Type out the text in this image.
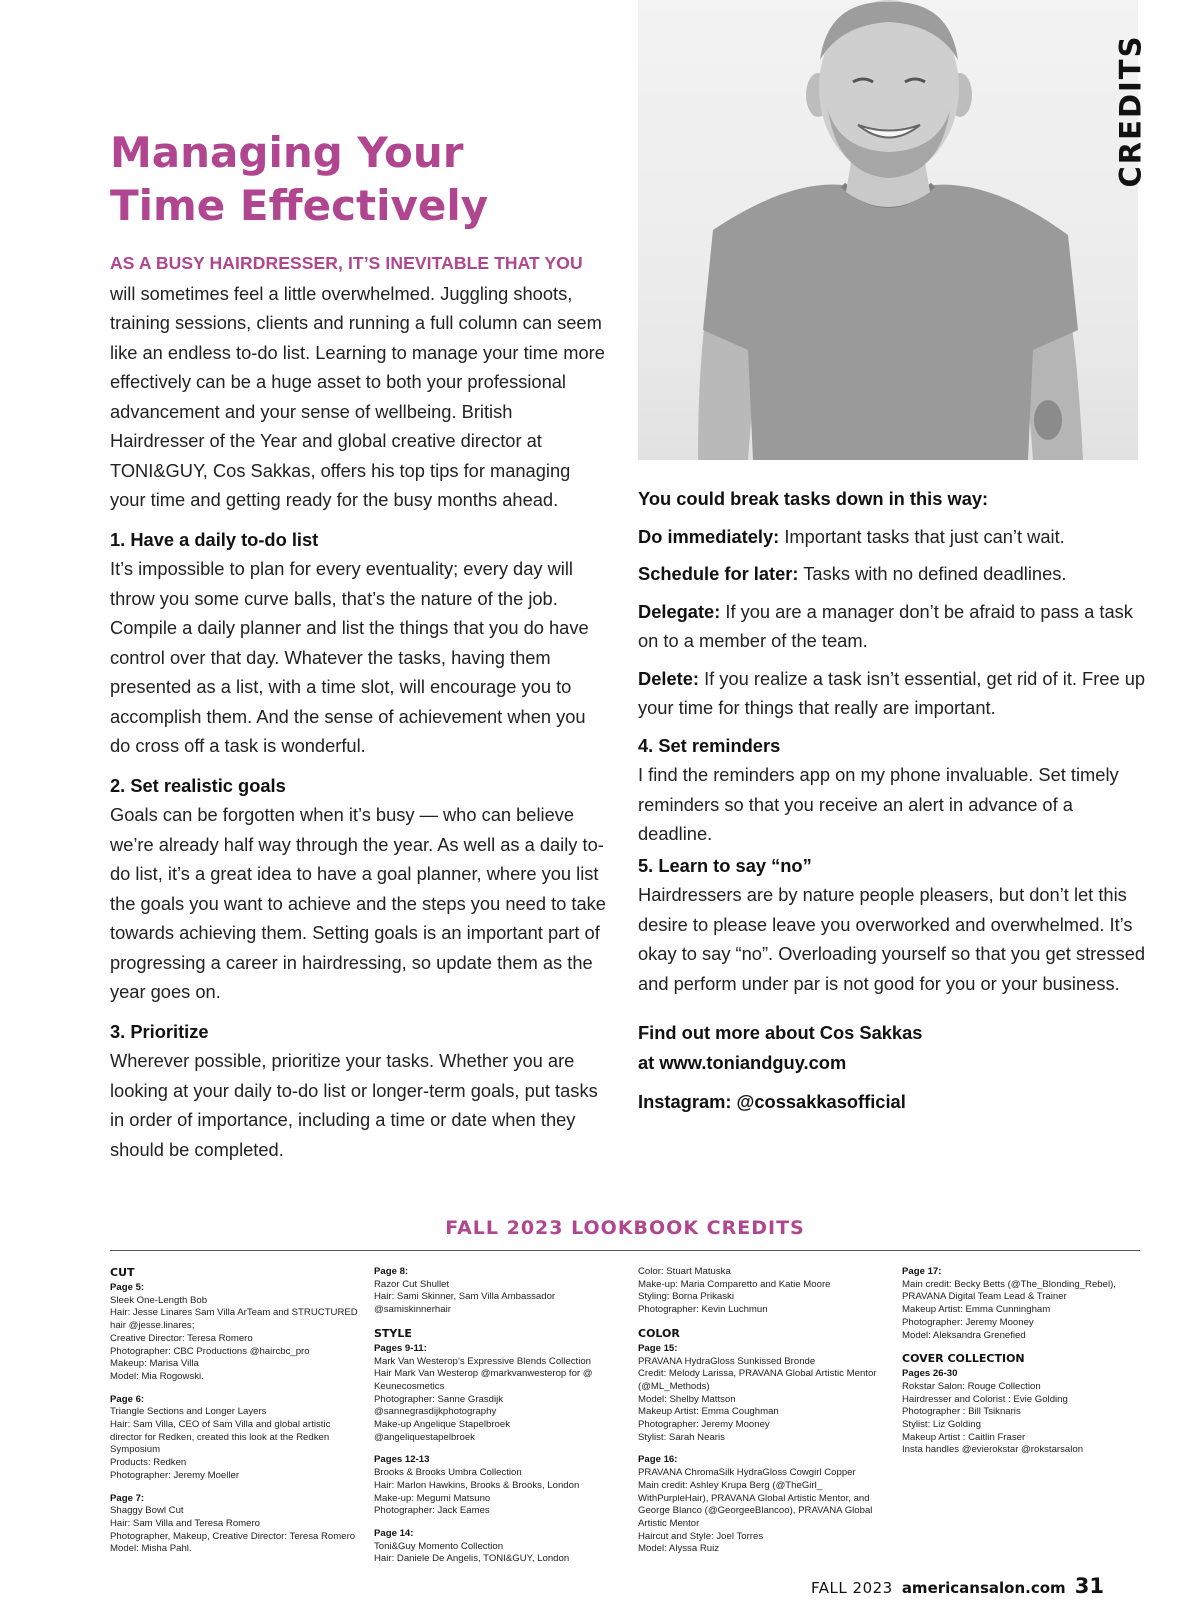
CREDITS
Managing Your
Time Effectively

AS A BUSY HAIRDRESSER, IT’S INEVITABLE THAT YOU
will sometimes feel a little overwhelmed. Juggling shoots, training sessions, clients and running a full column can seem like an endless to-do list. Learning to manage your time more effectively can be a huge asset to both your professional advancement and your sense of wellbeing. British Hairdresser of the Year and global creative director at TONI&GUY, Cos Sakkas, offers his top tips for managing your time and getting ready for the busy months ahead.

1. Have a daily to-do list

It’s impossible to plan for every eventuality; every day will throw you some curve balls, that’s the nature of the job. Compile a daily planner and list the things that you do have control over that day. Whatever the tasks, having them presented as a list, with a time slot, will encourage you to accomplish them. And the sense of achievement when you do cross off a task is wonderful.

2. Set realistic goals

Goals can be forgotten when it’s busy — who can believe we’re already half way through the year. As well as a daily to-do list, it’s a great idea to have a goal planner, where you list the goals you want to achieve and the steps you need to take towards achieving them. Setting goals is an important part of progressing a career in hairdressing, so update them as the year goes on.

3. Prioritize

Wherever possible, prioritize your tasks. Whether you are looking at your daily to-do list or longer-term goals, put tasks in order of importance, including a time or date when they should be completed.

You could break tasks down in this way:

Do immediately: Important tasks that just can’t wait.

Schedule for later: Tasks with no defined deadlines.

Delegate: If you are a manager don’t be afraid to pass a task on to a member of the team.

Delete: If you realize a task isn’t essential, get rid of it. Free up your time for things that really are important.

4. Set reminders

I find the reminders app on my phone invaluable. Set timely reminders so that you receive an alert in advance of a deadline.

5. Learn to say “no”

Hairdressers are by nature people pleasers, but don’t let this desire to please leave you overworked and overwhelmed. It’s okay to say “no”. Overloading yourself so that you get stressed and perform under par is not good for you or your business.

Find out more about Cos Sakkas
at www.toniandguy.com

Instagram: @cossakkasofficial

FALL 2023 LOOKBOOK CREDITS
CUT
Page 5:
Sleek One-Length Bob
Hair: Jesse Linares Sam Villa ArTeam and STRUCTURED hair @jesse.linares;
Creative Director: Teresa Romero
Photographer: CBC Productions @haircbc_pro
Makeup: Marisa Villa
Model: Mia Rogowski.
Page 6:
Triangle Sections and Longer Layers
Hair: Sam Villa, CEO of Sam Villa and global artistic director for Redken, created this look at the Redken Symposium
Products: Redken
Photographer: Jeremy Moeller
Page 7:
Shaggy Bowl Cut
Hair: Sam Villa and Teresa Romero
Photographer, Makeup, Creative Director: Teresa Romero
Model: Misha Pahl.
Page 8:
Razor Cut Shullet
Hair: Sami Skinner, Sam Villa Ambassador
@samiskinnerhair
STYLE
Pages 9-11:
Mark Van Westerop’s Expressive Blends Collection
Hair Mark Van Westerop @markvanwesterop for @ Keunecosmetics
Photographer: Sanne Grasdijk
@sannegrasdijkphotography
Make-up Angelique Stapelbroek
@angeliquestapelbroek
Pages 12-13
Brooks & Brooks Umbra Collection
Hair: Marlon Hawkins, Brooks & Brooks, London
Make-up: Megumi Matsuno
Photographer: Jack Eames
Page 14:
Toni&Guy Momento Collection
Hair: Daniele De Angelis, TONI&GUY, London
Color: Stuart Matuska
Make-up: Maria Comparetto and Katie Moore
Styling: Borna Prikaski
Photographer: Kevin Luchmun
COLOR
Page 15:
PRAVANA HydraGloss Sunkissed Bronde
Credit: Melody Larissa, PRAVANA Global Artistic Mentor (@ML_Methods)
Model: Shelby Mattson
Makeup Artist: Emma Coughman
Photographer: Jeremy Mooney
Stylist: Sarah Nearis
Page 16:
PRAVANA ChromaSilk HydraGloss Cowgirl Copper
Main credit: Ashley Krupa Berg (@TheGirl_ WithPurpleHair), PRAVANA Global Artistic Mentor, and George Blanco (@GeorgeeBlancoo), PRAVANA Global Artistic Mentor
Haircut and Style: Joel Torres
Model: Alyssa Ruiz
Page 17:
Main credit: Becky Betts (@The_Blonding_Rebel), PRAVANA Digital Team Lead & Trainer
Makeup Artist: Emma Cunningham
Photographer: Jeremy Mooney
Model: Aleksandra Grenefied
COVER COLLECTION
Pages 26-30
Rokstar Salon: Rouge Collection
Hairdresser and Colorist : Evie Golding
Photographer : Bill Tsiknaris
Stylist: Liz Golding
Makeup Artist : Caitlin Fraser
Insta handles @evierokstar @rokstarsalon
FALL 2023 americansalon.com 31
